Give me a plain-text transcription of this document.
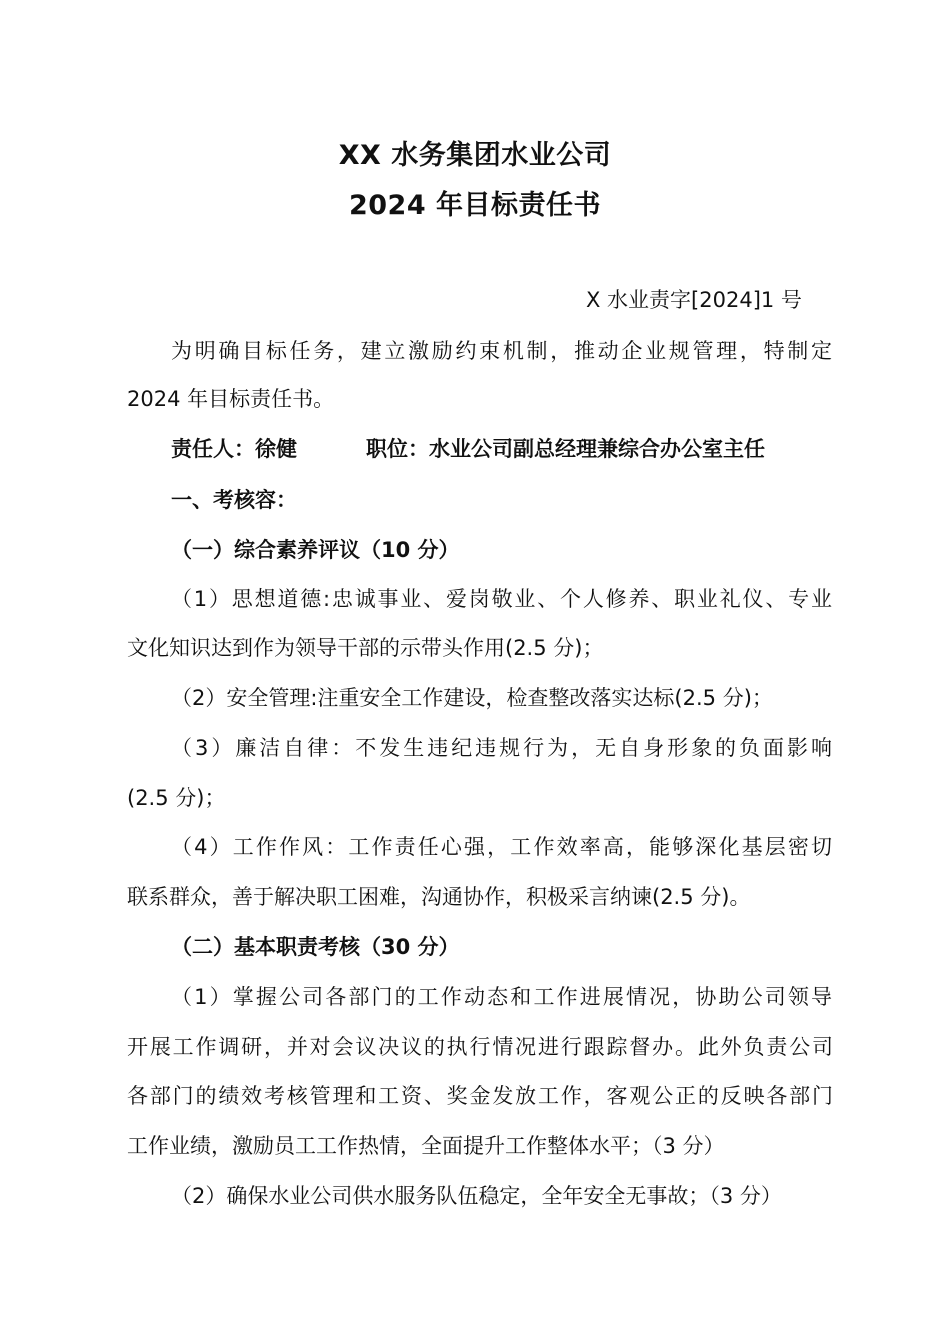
XX 水务集团水业公司
2024 年目标责任书
X 水业责字[2024]1 号
为明确目标任务，建立激励约束机制，推动企业规管理，特制定
2024 年目标责任书。
责任人：徐健	职位：水业公司副总经理兼综合办公室主任
一、考核容：
（一）综合素养评议（10 分）
（1）思想道德:忠诚事业、爱岗敬业、个人修养、职业礼仪、专业
文化知识达到作为领导干部的示带头作用(2.5 分)；
（2）安全管理:注重安全工作建设，检查整改落实达标(2.5 分)；
（3）廉洁自律：不发生违纪违规行为，无自身形象的负面影响
(2.5 分)；
（4）工作作风：工作责任心强，工作效率高，能够深化基层密切
联系群众，善于解决职工困难，沟通协作，积极采言纳谏(2.5 分)。
（二）基本职责考核（30 分）
（1）掌握公司各部门的工作动态和工作进展情况，协助公司领导
开展工作调研，并对会议决议的执行情况进行跟踪督办。此外负责公司
各部门的绩效考核管理和工资、奖金发放工作，客观公正的反映各部门
工作业绩，激励员工工作热情，全面提升工作整体水平；（3 分）
（2）确保水业公司供水服务队伍稳定，全年安全无事故；（3 分）
